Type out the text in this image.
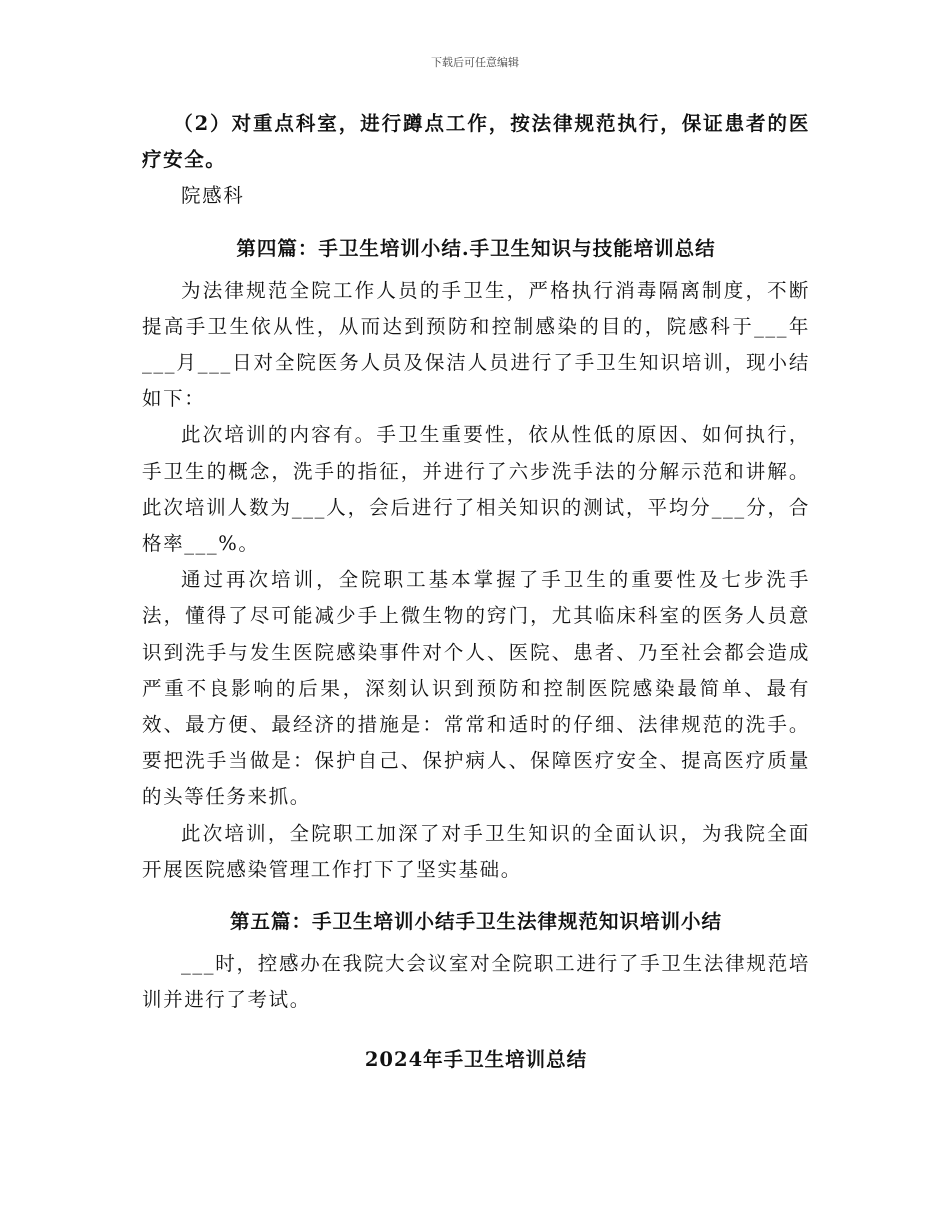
下载后可任意编辑

（2）对重点科室，进行蹲点工作，按法律规范执行，保证患者的医疗安全。

院感科

第四篇：手卫生培训小结.手卫生知识与技能培训总结

为法律规范全院工作人员的手卫生，严格执行消毒隔离制度，不断提高手卫生依从性，从而达到预防和控制感染的目的，院感科于___年___月___日对全院医务人员及保洁人员进行了手卫生知识培训，现小结如下：

此次培训的内容有。手卫生重要性，依从性低的原因、如何执行，手卫生的概念，洗手的指征，并进行了六步洗手法的分解示范和讲解。此次培训人数为___人，会后进行了相关知识的测试，平均分___分，合格率___%。

通过再次培训，全院职工基本掌握了手卫生的重要性及七步洗手法，懂得了尽可能减少手上微生物的窍门，尤其临床科室的医务人员意识到洗手与发生医院感染事件对个人、医院、患者、乃至社会都会造成严重不良影响的后果，深刻认识到预防和控制医院感染最简单、最有效、最方便、最经济的措施是：常常和适时的仔细、法律规范的洗手。要把洗手当做是：保护自己、保护病人、保障医疗安全、提高医疗质量的头等任务来抓。

此次培训，全院职工加深了对手卫生知识的全面认识，为我院全面开展医院感染管理工作打下了坚实基础。

第五篇：手卫生培训小结手卫生法律规范知识培训小结

___时，控感办在我院大会议室对全院职工进行了手卫生法律规范培训并进行了考试。

2024年手卫生培训总结
